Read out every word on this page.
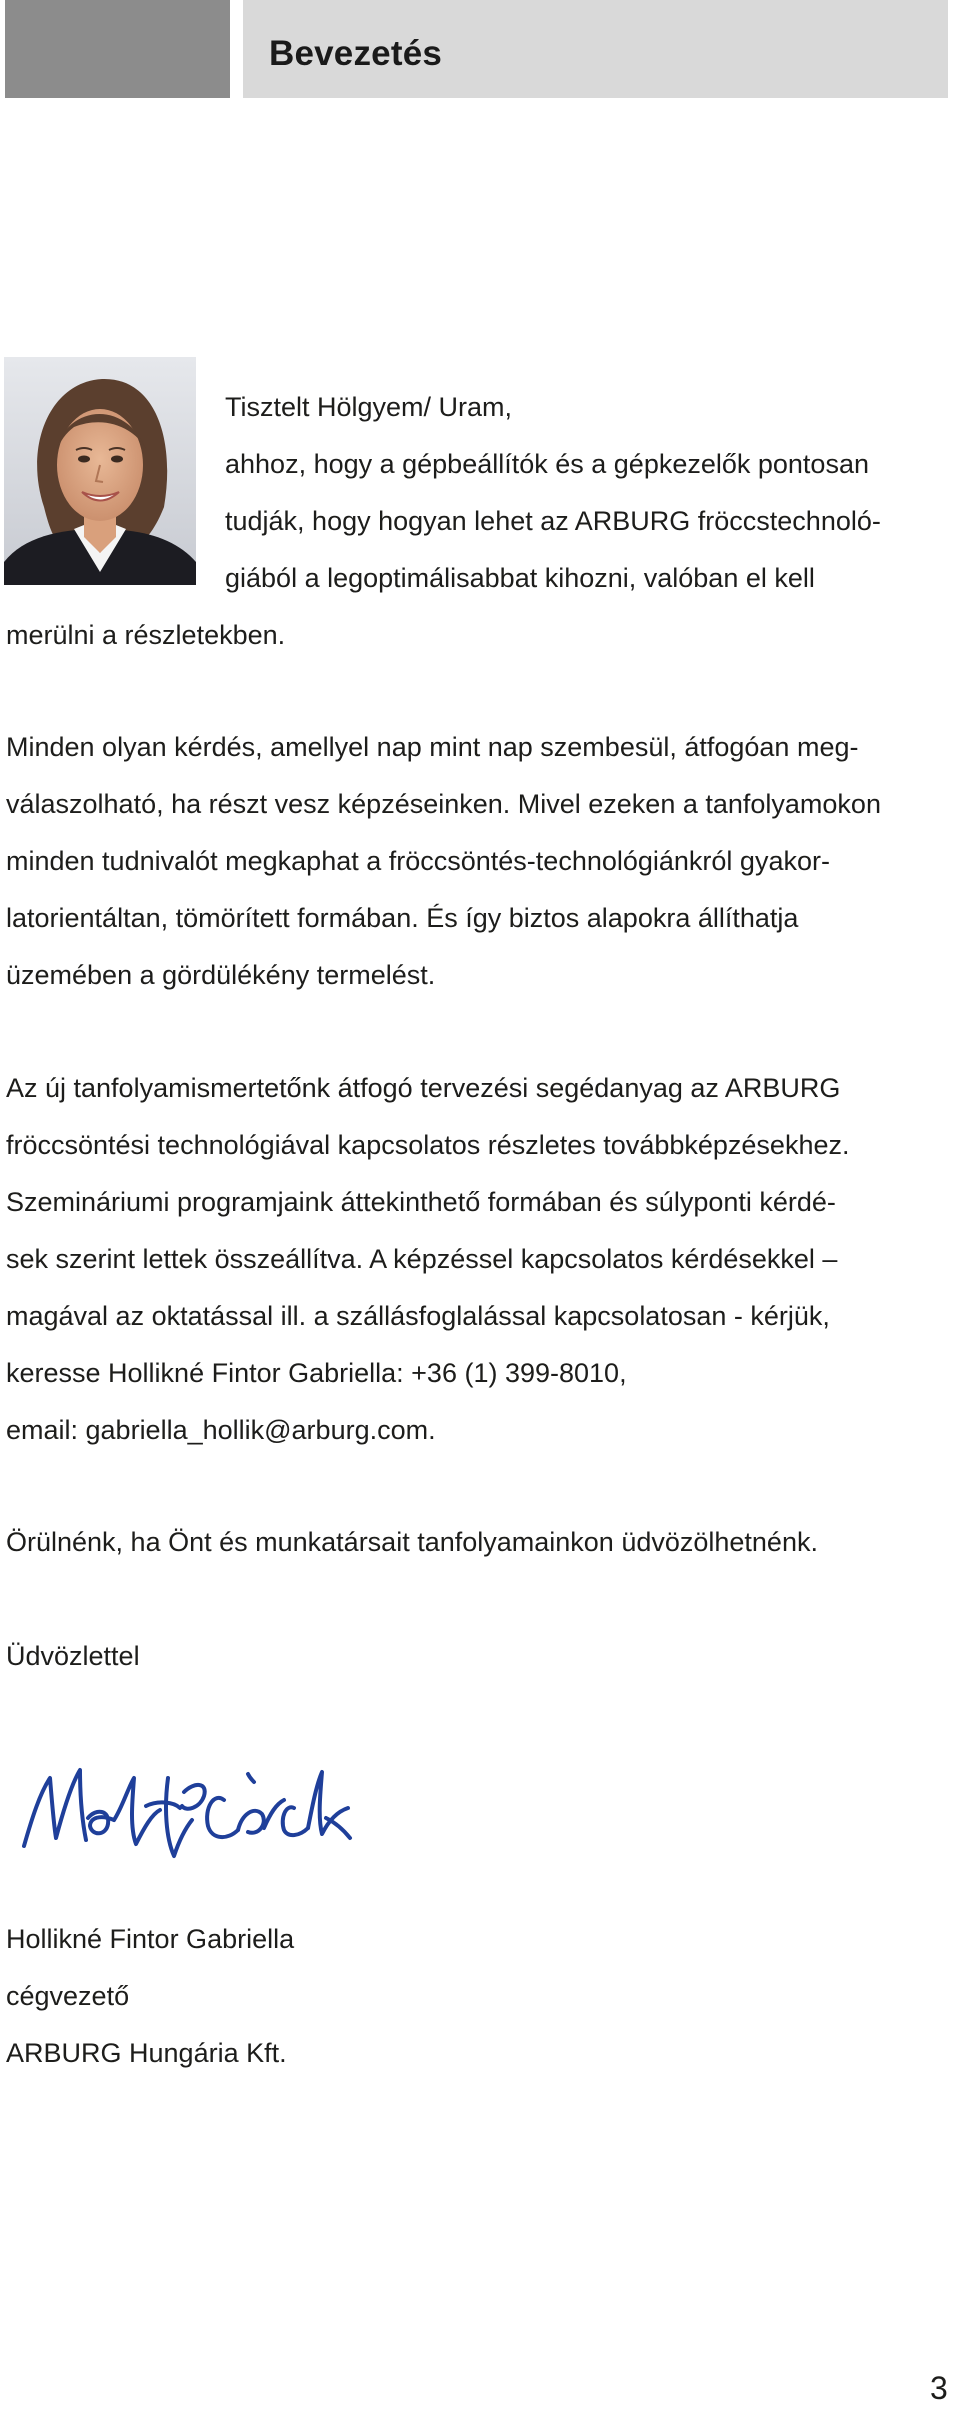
Bevezetés
Tisztelt Hölgyem/ Uram,
ahhoz, hogy a gépbeállítók és a gépkezelők pontosan
tudják, hogy hogyan lehet az ARBURG fröccstechnoló-
giából a legoptimálisabbat kihozni, valóban el kell
merülni a részletekben.
Minden olyan kérdés, amellyel nap mint nap szembesül, átfogóan meg-
válaszolható, ha részt vesz képzéseinken. Mivel ezeken a tanfolyamokon
minden tudnivalót megkaphat a fröccsöntés-technológiánkról gyakor-
latorientáltan, tömörített formában. És így biztos alapokra állíthatja
üzemében a gördülékény termelést.
Az új tanfolyamismertetőnk átfogó tervezési segédanyag az ARBURG
fröccsöntési technológiával kapcsolatos részletes továbbképzésekhez.
Szemináriumi programjaink áttekinthető formában és súlyponti kérdé-
sek szerint lettek összeállítva. A képzéssel kapcsolatos kérdésekkel –
magával az oktatással ill. a szállásfoglalással kapcsolatosan - kérjük,
keresse Hollikné Fintor Gabriella: +36 (1) 399-8010,
email: gabriella_hollik@arburg.com.
Örülnénk, ha Önt és munkatársait tanfolyamainkon üdvözölhetnénk.
Üdvözlettel
Hollikné Fintor Gabriella
cégvezető
ARBURG Hungária Kft.
3
